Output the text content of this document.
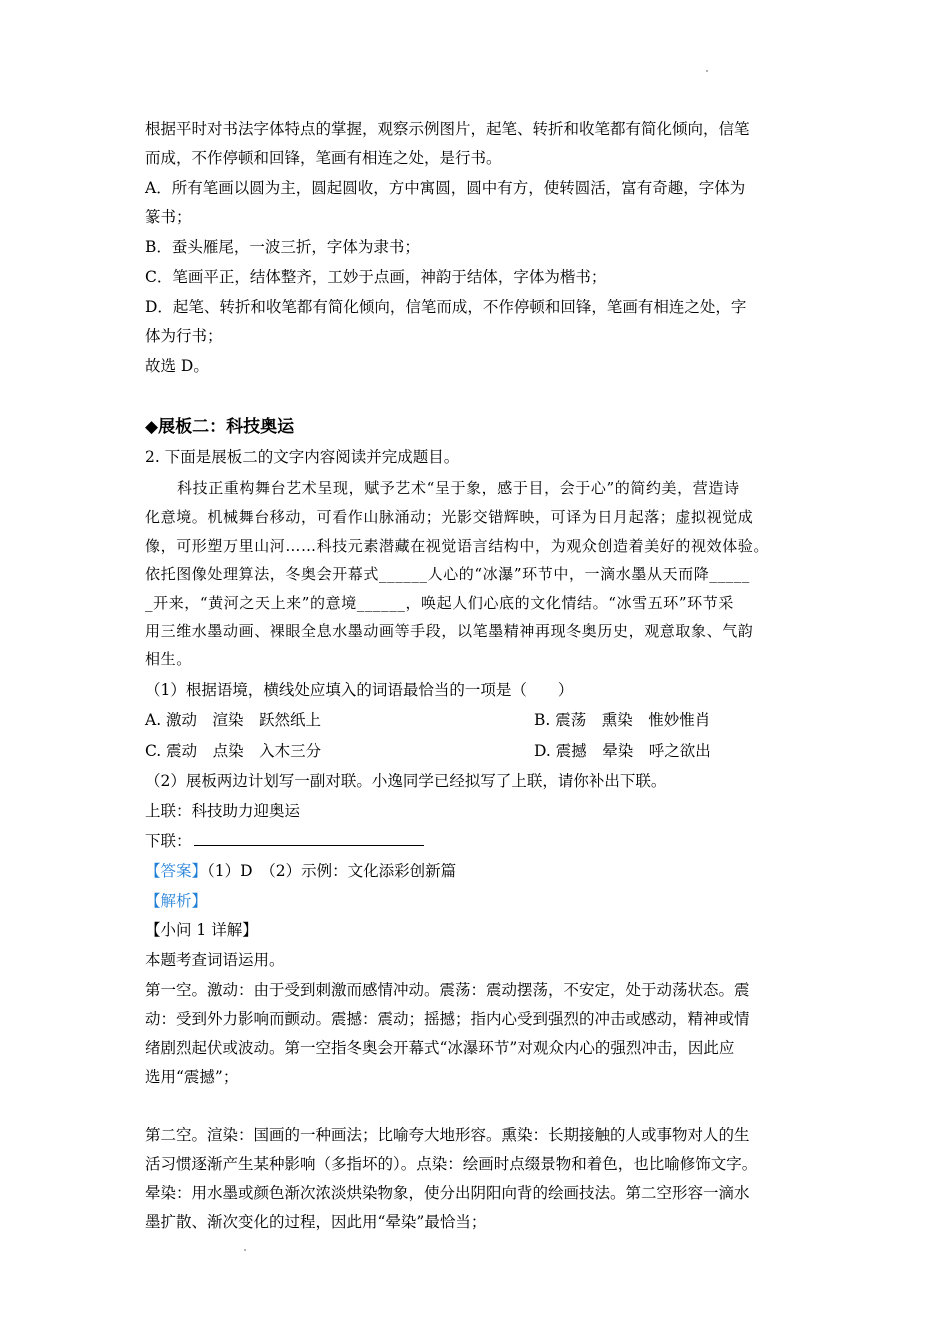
根据平时对书法字体特点的掌握，观察示例图片，起笔、转折和收笔都有简化倾向，信笔
而成，不作停顿和回锋，笔画有相连之处，是行书。
A．所有笔画以圆为主，圆起圆收，方中寓圆，圆中有方，使转圆活，富有奇趣，字体为
篆书；
B．蚕头雁尾，一波三折，字体为隶书；
C．笔画平正，结体整齐，工妙于点画，神韵于结体，字体为楷书；
D．起笔、转折和收笔都有简化倾向，信笔而成，不作停顿和回锋，笔画有相连之处，字
体为行书；
故选 D。
◆展板二：科技奥运
2. 下面是展板二的文字内容阅读并完成题目。
科技正重构舞台艺术呈现，赋予艺术“呈于象，感于目，会于心”的简约美，营造诗
化意境。机械舞台移动，可看作山脉涌动；光影交错辉映，可译为日月起落；虚拟视觉成
像，可形塑万里山河……科技元素潜藏在视觉语言结构中，为观众创造着美好的视效体验。
依托图像处理算法，冬奥会开幕式______人心的“冰瀑”环节中，一滴水墨从天而降_____
_开来，“黄河之天上来”的意境______，唤起人们心底的文化情结。“冰雪五环”环节采
用三维水墨动画、裸眼全息水墨动画等手段，以笔墨精神再现冬奥历史，观意取象、气韵
相生。
（1）根据语境，横线处应填入的词语最恰当的一项是（　　）
A. 激动　渲染　跃然纸上	B. 震荡　熏染　惟妙惟肖
C. 震动　点染　入木三分	D. 震撼　晕染　呼之欲出
（2）展板两边计划写一副对联。小逸同学已经拟写了上联，请你补出下联。
上联：科技助力迎奥运
下联：
【答案】（1）D　（2）示例：文化添彩创新篇
【解析】
【小问 1 详解】
本题考查词语运用。
第一空。激动：由于受到刺激而感情冲动。震荡：震动摆荡，不安定，处于动荡状态。震
动：受到外力影响而颤动。震撼：震动；摇撼；指内心受到强烈的冲击或感动，精神或情
绪剧烈起伏或波动。第一空指冬奥会开幕式“冰瀑环节”对观众内心的强烈冲击，因此应
选用“震撼”；
第二空。渲染：国画的一种画法；比喻夸大地形容。熏染：长期接触的人或事物对人的生
活习惯逐渐产生某种影响（多指坏的）。点染：绘画时点缀景物和着色，也比喻修饰文字。
晕染：用水墨或颜色渐次浓淡烘染物象，使分出阴阳向背的绘画技法。第二空形容一滴水
墨扩散、渐次变化的过程，因此用“晕染”最恰当；
